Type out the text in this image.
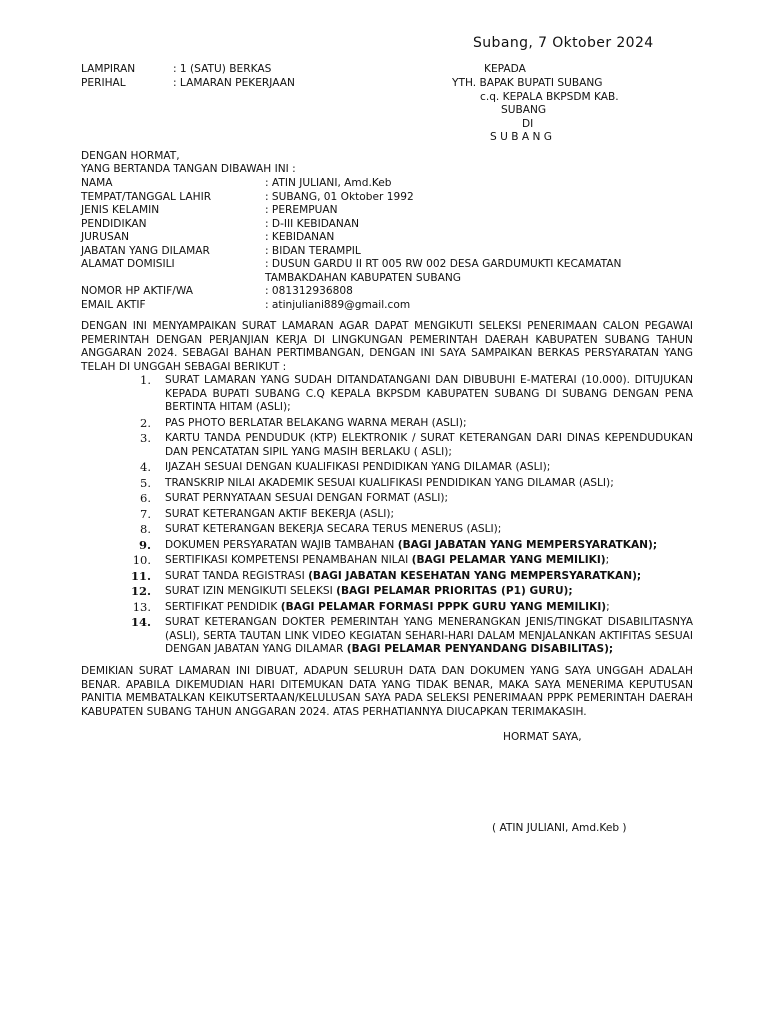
Subang, 7 Oktober 2024
LAMPIRAN	: 1 (SATU) BERKAS
PERIHAL	: LAMARAN PEKERJAAN
KEPADA
YTH. BAPAK BUPATI SUBANG
c.q. KEPALA BKPSDM KAB.
SUBANG
DI
S U B A N G
DENGAN HORMAT,
YANG BERTANDA TANGAN DIBAWAH INI :
NAMA	: ATIN JULIANI, Amd.Keb
TEMPAT/TANGGAL LAHIR	: SUBANG, 01 Oktober 1992
JENIS KELAMIN	: PEREMPUAN
PENDIDIKAN	: D-III KEBIDANAN
JURUSAN	: KEBIDANAN
JABATAN YANG DILAMAR	: BIDAN TERAMPIL
ALAMAT DOMISILI	: DUSUN GARDU II RT 005 RW 002 DESA GARDUMUKTI KECAMATAN
TAMBAKDAHAN KABUPATEN SUBANG
NOMOR HP AKTIF/WA	: 081312936808
EMAIL AKTIF	: atinjuliani889@gmail.com
DENGAN INI MENYAMPAIKAN SURAT LAMARAN AGAR DAPAT MENGIKUTI SELEKSI PENERIMAAN CALON PEGAWAI PEMERINTAH DENGAN PERJANJIAN KERJA DI LINGKUNGAN PEMERINTAH DAERAH KABUPATEN SUBANG TAHUN ANGGARAN 2024. SEBAGAI BAHAN PERTIMBANGAN, DENGAN INI SAYA SAMPAIKAN BERKAS PERSYARATAN YANG TELAH DI UNGGAH SEBAGAI BERIKUT :
1. SURAT LAMARAN YANG SUDAH DITANDATANGANI DAN DIBUBUHI E-MATERAI (10.000). DITUJUKAN KEPADA BUPATI SUBANG C.Q KEPALA BKPSDM KABUPATEN SUBANG DI SUBANG DENGAN PENA BERTINTA HITAM (ASLI);
2. PAS PHOTO BERLATAR BELAKANG WARNA MERAH (ASLI);
3. KARTU TANDA PENDUDUK (KTP) ELEKTRONIK / SURAT KETERANGAN DARI DINAS KEPENDUDUKAN DAN PENCATATAN SIPIL YANG MASIH BERLAKU ( ASLI);
4. IJAZAH SESUAI DENGAN KUALIFIKASI PENDIDIKAN YANG DILAMAR (ASLI);
5. TRANSKRIP NILAI AKADEMIK SESUAI KUALIFIKASI PENDIDIKAN YANG DILAMAR (ASLI);
6. SURAT PERNYATAAN SESUAI DENGAN FORMAT (ASLI);
7. SURAT KETERANGAN AKTIF BEKERJA (ASLI);
8. SURAT KETERANGAN BEKERJA SECARA TERUS MENERUS (ASLI);
9. DOKUMEN PERSYARATAN WAJIB TAMBAHAN (BAGI JABATAN YANG MEMPERSYARATKAN);
10. SERTIFIKASI KOMPETENSI PENAMBAHAN NILAI (BAGI PELAMAR YANG MEMILIKI);
11. SURAT TANDA REGISTRASI (BAGI JABATAN KESEHATAN YANG MEMPERSYARATKAN);
12. SURAT IZIN MENGIKUTI SELEKSI (BAGI PELAMAR PRIORITAS (P1) GURU);
13. SERTIFIKAT PENDIDIK (BAGI PELAMAR FORMASI PPPK GURU YANG MEMILIKI);
14. SURAT KETERANGAN DOKTER PEMERINTAH YANG MENERANGKAN JENIS/TINGKAT DISABILITASNYA (ASLI), SERTA TAUTAN LINK VIDEO KEGIATAN SEHARI-HARI DALAM MENJALANKAN AKTIFITAS SESUAI DENGAN JABATAN YANG DILAMAR (BAGI PELAMAR PENYANDANG DISABILITAS);
DEMIKIAN SURAT LAMARAN INI DIBUAT, ADAPUN SELURUH DATA DAN DOKUMEN YANG SAYA UNGGAH ADALAH BENAR. APABILA DIKEMUDIAN HARI DITEMUKAN DATA YANG TIDAK BENAR, MAKA SAYA MENERIMA KEPUTUSAN PANITIA MEMBATALKAN KEIKUTSERTAAN/KELULUSAN SAYA PADA SELEKSI PENERIMAAN PPPK PEMERINTAH DAERAH KABUPATEN SUBANG TAHUN ANGGARAN 2024. ATAS PERHATIANNYA DIUCAPKAN TERIMAKASIH.
HORMAT SAYA,
( ATIN JULIANI, Amd.Keb )
